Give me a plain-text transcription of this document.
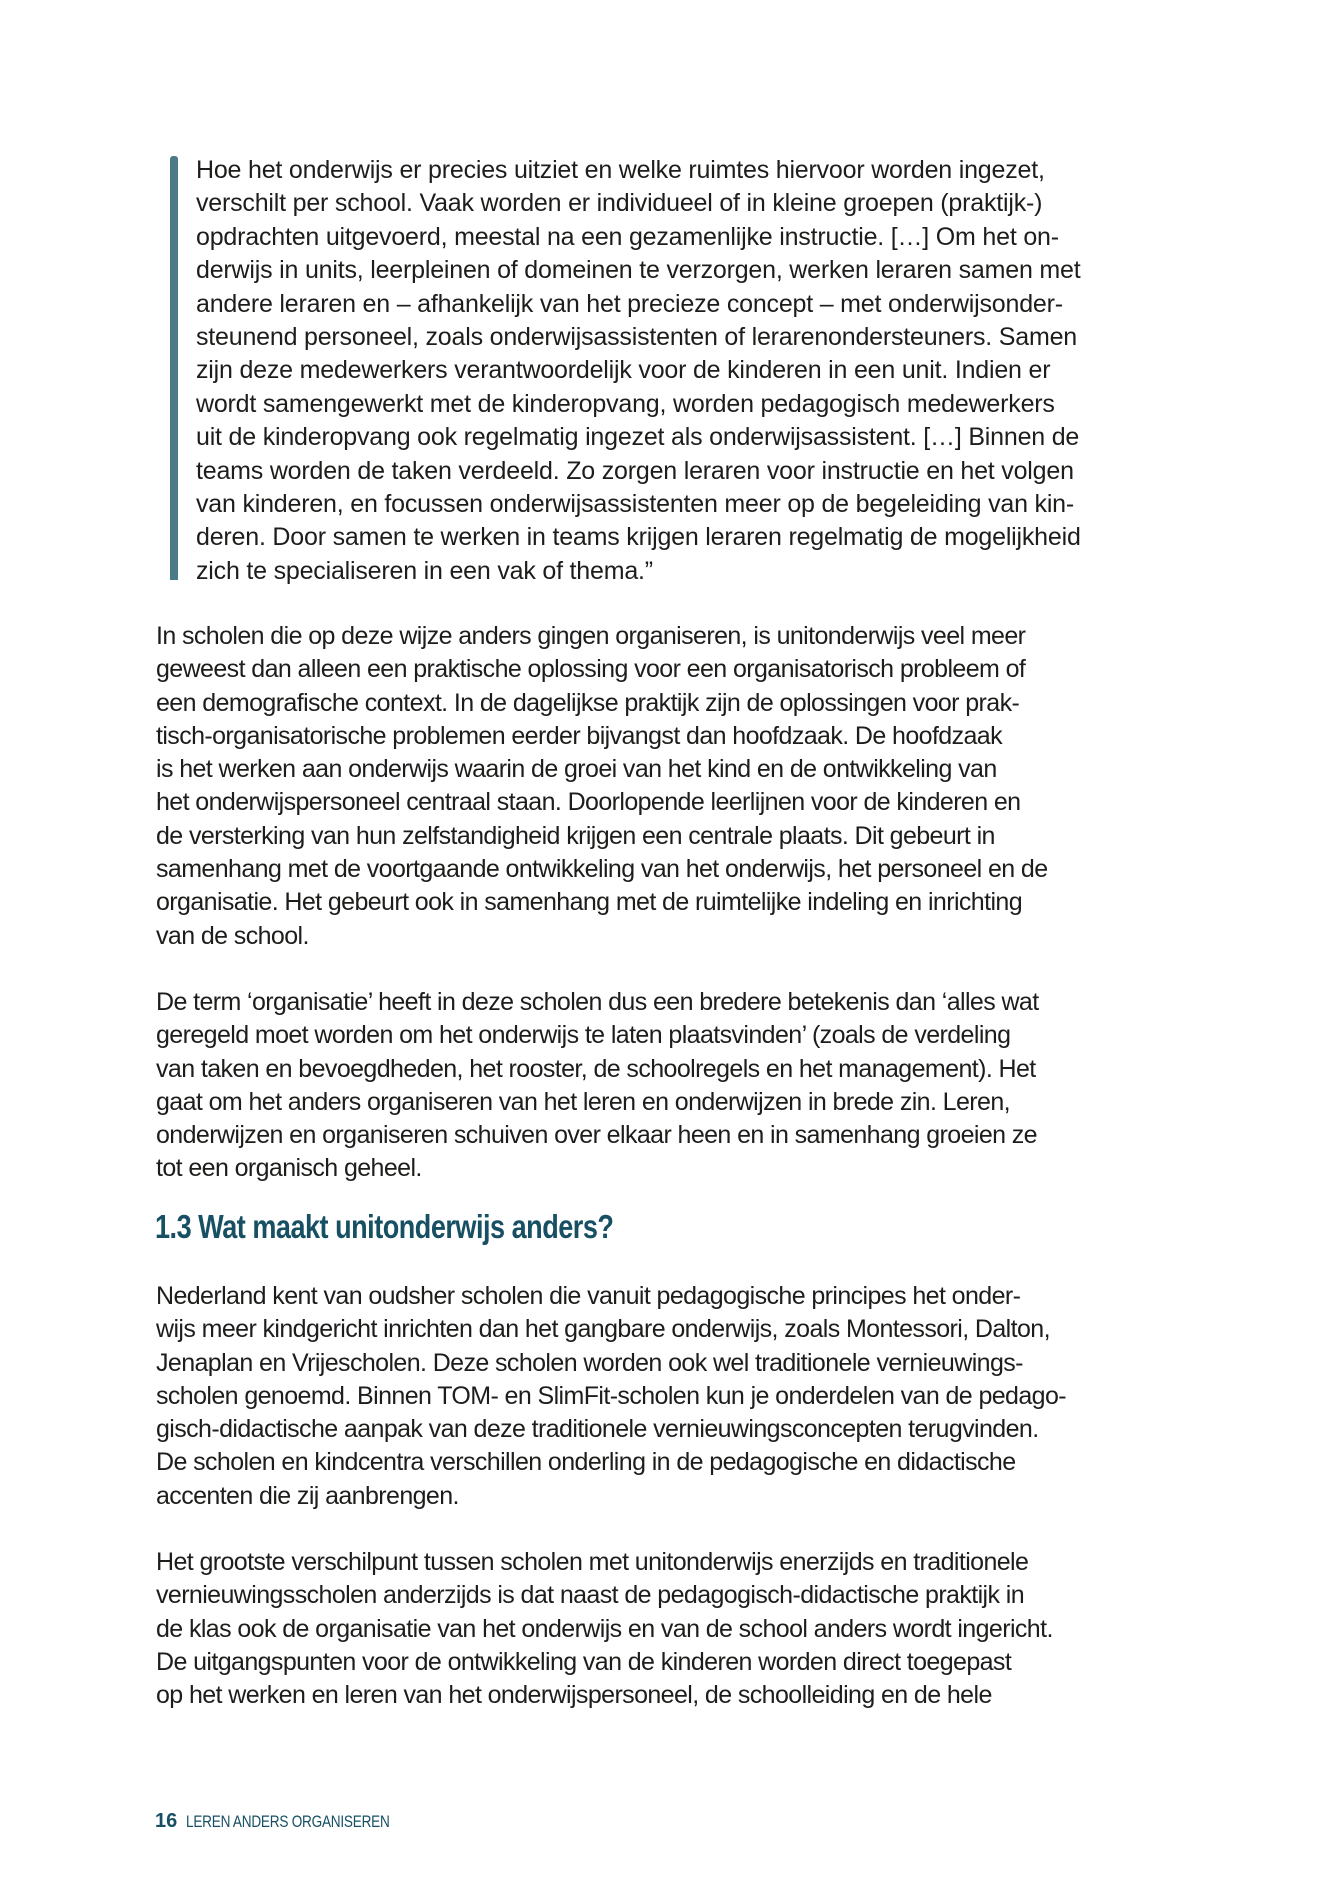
Hoe het onderwijs er precies uitziet en welke ruimtes hiervoor worden ingezet,
verschilt per school. Vaak worden er individueel of in kleine groepen (praktijk-)
opdrachten uitgevoerd, meestal na een gezamenlijke instructie. […] Om het on-
derwijs in units, leerpleinen of domeinen te verzorgen, werken leraren samen met
andere leraren en – afhankelijk van het precieze concept – met onderwijsonder-
steunend personeel, zoals onderwijsassistenten of lerarenondersteuners. Samen
zijn deze medewerkers verantwoordelijk voor de kinderen in een unit. Indien er
wordt samengewerkt met de kinderopvang, worden pedagogisch medewerkers
uit de kinderopvang ook regelmatig ingezet als onderwijsassistent. […] Binnen de
teams worden de taken verdeeld. Zo zorgen leraren voor instructie en het volgen
van kinderen, en focussen onderwijsassistenten meer op de begeleiding van kin-
deren. Door samen te werken in teams krijgen leraren regelmatig de mogelijkheid
zich te specialiseren in een vak of thema.”
In scholen die op deze wijze anders gingen organiseren, is unitonderwijs veel meer
geweest dan alleen een praktische oplossing voor een organisatorisch probleem of
een demografische context. In de dagelijkse praktijk zijn de oplossingen voor prak-
tisch-organisatorische problemen eerder bijvangst dan hoofdzaak. De hoofdzaak
is het werken aan onderwijs waarin de groei van het kind en de ontwikkeling van
het onderwijspersoneel centraal staan. Doorlopende leerlijnen voor de kinderen en
de versterking van hun zelfstandigheid krijgen een centrale plaats. Dit gebeurt in
samenhang met de voortgaande ontwikkeling van het onderwijs, het personeel en de
organisatie. Het gebeurt ook in samenhang met de ruimtelijke indeling en inrichting
van de school.
De term ‘organisatie’ heeft in deze scholen dus een bredere betekenis dan ‘alles wat
geregeld moet worden om het onderwijs te laten plaatsvinden’ (zoals de verdeling
van taken en bevoegdheden, het rooster, de schoolregels en het management). Het
gaat om het anders organiseren van het leren en onderwijzen in brede zin. Leren,
onderwijzen en organiseren schuiven over elkaar heen en in samenhang groeien ze
tot een organisch geheel.
1.3 Wat maakt unitonderwijs anders?
Nederland kent van oudsher scholen die vanuit pedagogische principes het onder-
wijs meer kindgericht inrichten dan het gangbare onderwijs, zoals Montessori, Dalton,
Jenaplan en Vrijescholen. Deze scholen worden ook wel traditionele vernieuwings-
scholen genoemd. Binnen TOM- en SlimFit-scholen kun je onderdelen van de pedago-
gisch-didactische aanpak van deze traditionele vernieuwingsconcepten terugvinden.
De scholen en kindcentra verschillen onderling in de pedagogische en didactische
accenten die zij aanbrengen.
Het grootste verschilpunt tussen scholen met unitonderwijs enerzijds en traditionele
vernieuwingsscholen anderzijds is dat naast de pedagogisch-didactische praktijk in
de klas ook de organisatie van het onderwijs en van de school anders wordt ingericht.
De uitgangspunten voor de ontwikkeling van de kinderen worden direct toegepast
op het werken en leren van het onderwijspersoneel, de schoolleiding en de hele
16 LEREN ANDERS ORGANISEREN
